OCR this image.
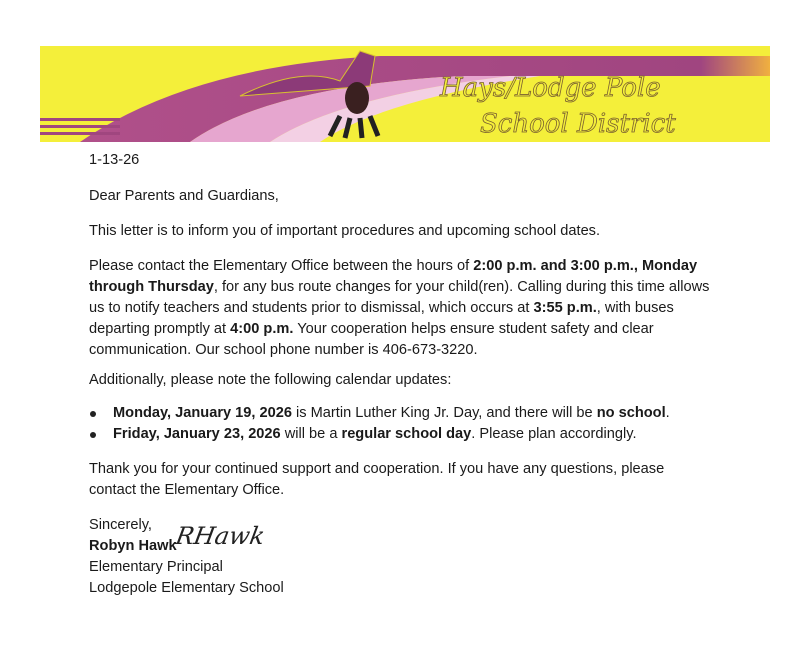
Hays/Lodge Pole
School District
1-13-26
Dear Parents and Guardians,
This letter is to inform you of important procedures and upcoming school dates.
Please contact the Elementary Office between the hours of 2:00 p.m. and 3:00 p.m., Monday
through Thursday, for any bus route changes for your child(ren). Calling during this time allows
us to notify teachers and students prior to dismissal, which occurs at 3:55 p.m., with buses
departing promptly at 4:00 p.m. Your cooperation helps ensure student safety and clear
communication. Our school phone number is 406-673-3220.
Additionally, please note the following calendar updates:
Monday, January 19, 2026 is Martin Luther King Jr. Day, and there will be no school.
Friday, January 23, 2026 will be a regular school day. Please plan accordingly.
Thank you for your continued support and cooperation. If you have any questions, please
contact the Elementary Office.
Sincerely,
Robyn Hawk
Elementary Principal
Lodgepole Elementary School
RHawk
